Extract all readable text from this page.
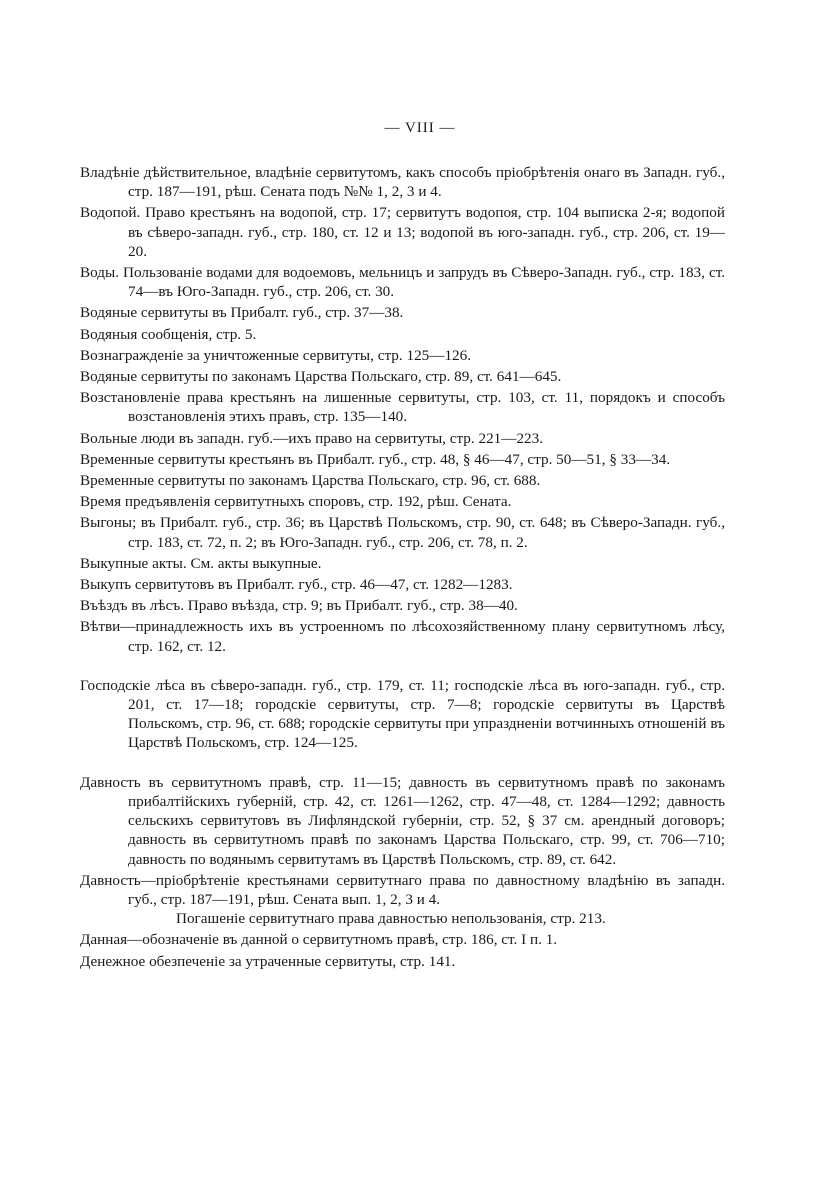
— VIII —

Владѣніе дѣйствительное, владѣніе сервитутомъ, какъ способъ пріобрѣтенія онаго въ Западн. губ., стр. 187—191, рѣш. Сената подъ №№ 1, 2, 3 и 4.

Водопой. Право крестьянъ на водопой, стр. 17; сервитутъ водопоя, стр. 104 выписка 2-я; водопой въ сѣверо-западн. губ., стр. 180, ст. 12 и 13; водопой въ юго-западн. губ., стр. 206, ст. 19—20.

Воды. Пользованіе водами для водоемовъ, мельницъ и запрудъ въ Сѣверо-Западн. губ., стр. 183, ст. 74—въ Юго-Западн. губ., стр. 206, ст. 30.

Водяные сервитуты въ Прибалт. губ., стр. 37—38.

Водяныя сообщенія, стр. 5.

Вознагражденіе за уничтоженные сервитуты, стр. 125—126.

Водяные сервитуты по законамъ Царства Польскаго, стр. 89, ст. 641—645.

Возстановленіе права крестьянъ на лишенные сервитуты, стр. 103, ст. 11, порядокъ и способъ возстановленія этихъ правъ, стр. 135—140.

Вольные люди въ западн. губ.—ихъ право на сервитуты, стр. 221—223.

Временные сервитуты крестьянъ въ Прибалт. губ., стр. 48, § 46—47, стр. 50—51, § 33—34.

Временные сервитуты по законамъ Царства Польскаго, стр. 96, ст. 688.

Время предъявленія сервитутныхъ споровъ, стр. 192, рѣш. Сената.

Выгоны; въ Прибалт. губ., стр. 36; въ Царствѣ Польскомъ, стр. 90, ст. 648; въ Сѣверо-Западн. губ., стр. 183, ст. 72, п. 2; въ Юго-Западн. губ., стр. 206, ст. 78, п. 2.

Выкупные акты. См. акты выкупные.

Выкупъ сервитутовъ въ Прибалт. губ., стр. 46—47, ст. 1282—1283.

Въѣздъ въ лѣсъ. Право въѣзда, стр. 9; въ Прибалт. губ., стр. 38—40.

Вѣтви—принадлежность ихъ въ устроенномъ по лѣсохозяйственному плану сервитутномъ лѣсу, стр. 162, ст. 12.

Господскіе лѣса въ сѣверо-западн. губ., стр. 179, ст. 11; господскіе лѣса въ юго-западн. губ., стр. 201, ст. 17—18; городскіе сервитуты, стр. 7—8; городскіе сервитуты въ Царствѣ Польскомъ, стр. 96, ст. 688; городскіе сервитуты при упраздненіи вотчинныхъ отношеній въ Царствѣ Польскомъ, стр. 124—125.

Давность въ сервитутномъ правѣ, стр. 11—15; давность въ сервитутномъ правѣ по законамъ прибалтійскихъ губерній, стр. 42, ст. 1261—1262, стр. 47—48, ст. 1284—1292; давность сельскихъ сервитутовъ въ Лифляндской губерніи, стр. 52, § 37 см. арендный договоръ; давность въ сервитутномъ правѣ по законамъ Царства Польскаго, стр. 99, ст. 706—710; давность по водянымъ сервитутамъ въ Царствѣ Польскомъ, стр. 89, ст. 642.

Давность—пріобрѣтеніе крестьянами сервитутнаго права по давностному владѣнію въ западн. губ., стр. 187—191, рѣш. Сената вып. 1, 2, 3 и 4.
Погашеніе сервитутнаго права давностью непользованія, стр. 213.

Данная—обозначеніе въ данной о сервитутномъ правѣ, стр. 186, ст. I п. 1.

Денежное обезпеченіе за утраченные сервитуты, стр. 141.
